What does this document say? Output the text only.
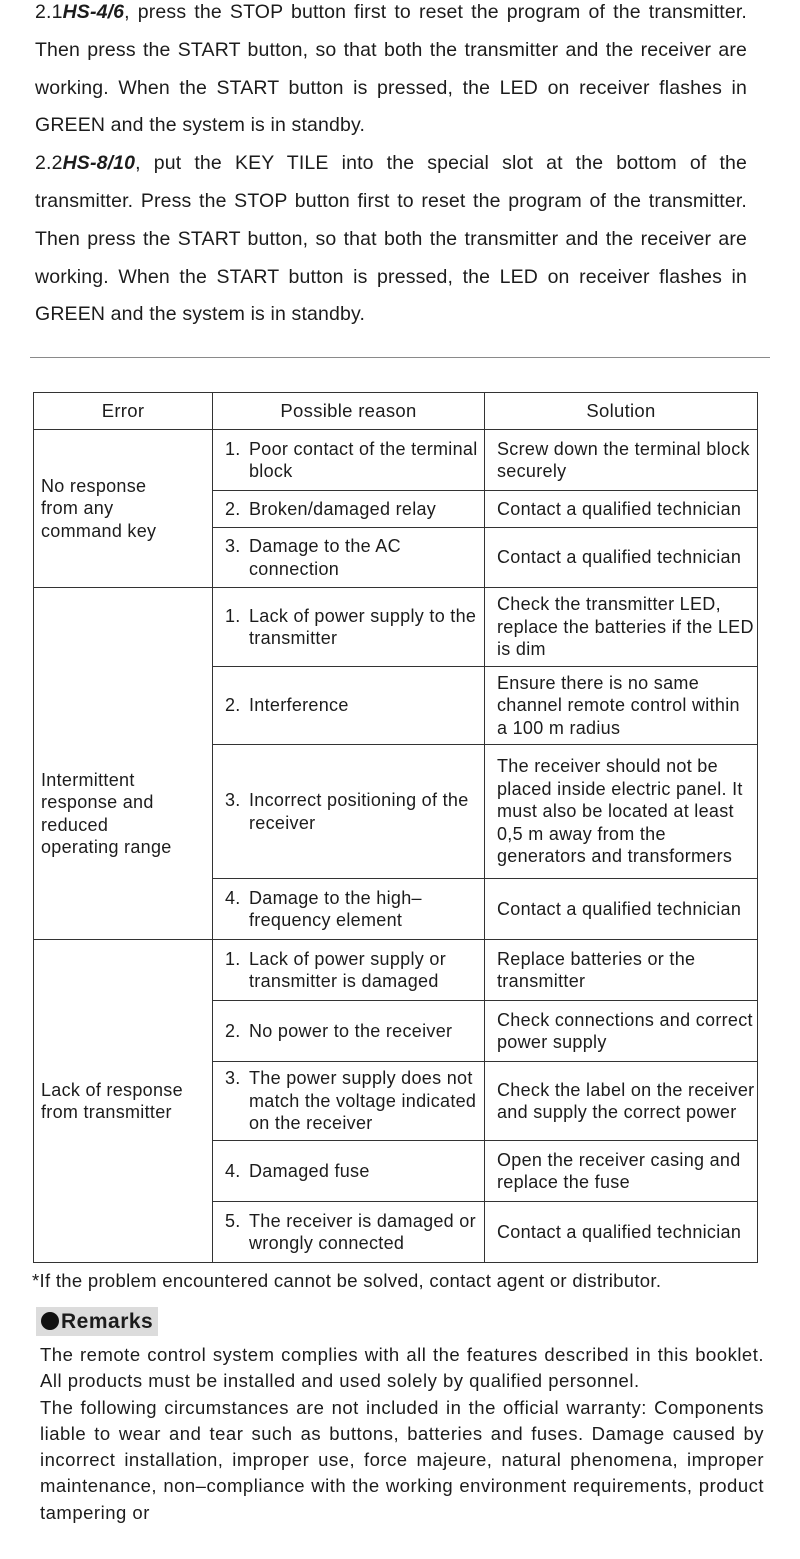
2.1HS-4/6, press the STOP button first to reset the program of the transmitter. Then press the START button, so that both the transmitter and the receiver are working. When the START button is pressed, the LED on receiver flashes in GREEN and the system is in standby.

2.2HS-8/10, put the KEY TILE into the special slot at the bottom of the transmitter. Press the STOP button first to reset the program of the transmitter. Then press the START button, so that both the transmitter and the receiver are working. When the START button is pressed, the LED on receiver flashes in GREEN and the system is in standby.

Error	Possible reason	Solution

No response
from any
command key	1. Poor contact of the terminal block	Screw down the terminal block securely

	2. Broken/damaged relay	Contact a qualified technician

	3. Damage to the AC connection	Contact a qualified technician

Intermittent
response and
reduced
operating range	1. Lack of power supply to the transmitter	Check the transmitter LED, replace the batteries if the LED is dim

	2. Interference	Ensure there is no same channel remote control within a 100 m radius

	3. Incorrect positioning of the receiver	The receiver should not be placed inside electric panel. It must also be located at least 0,5 m away from the generators and transformers

	4. Damage to the high–frequency element	Contact a qualified technician

Lack of response
from transmitter	1. Lack of power supply or transmitter is damaged	Replace batteries or the transmitter

	2. No power to the receiver	Check connections and correct power supply

	3. The power supply does not match the voltage indicated on the receiver	Check the label on the receiver and supply the correct power

	4. Damaged fuse	Open the receiver casing and replace the fuse

	5. The receiver is damaged or wrongly connected	Contact a qualified technician
*If the problem encountered cannot be solved, contact agent or distributor.
Remarks

The remote control system complies with all the features described in this booklet. All products must be installed and used solely by qualified personnel.

The following circumstances are not included in the official warranty: Components liable to wear and tear such as buttons, batteries and fuses. Damage caused by incorrect installation, improper use, force majeure, natural phenomena, improper maintenance, non–compliance with the working environment requirements, product tampering or
